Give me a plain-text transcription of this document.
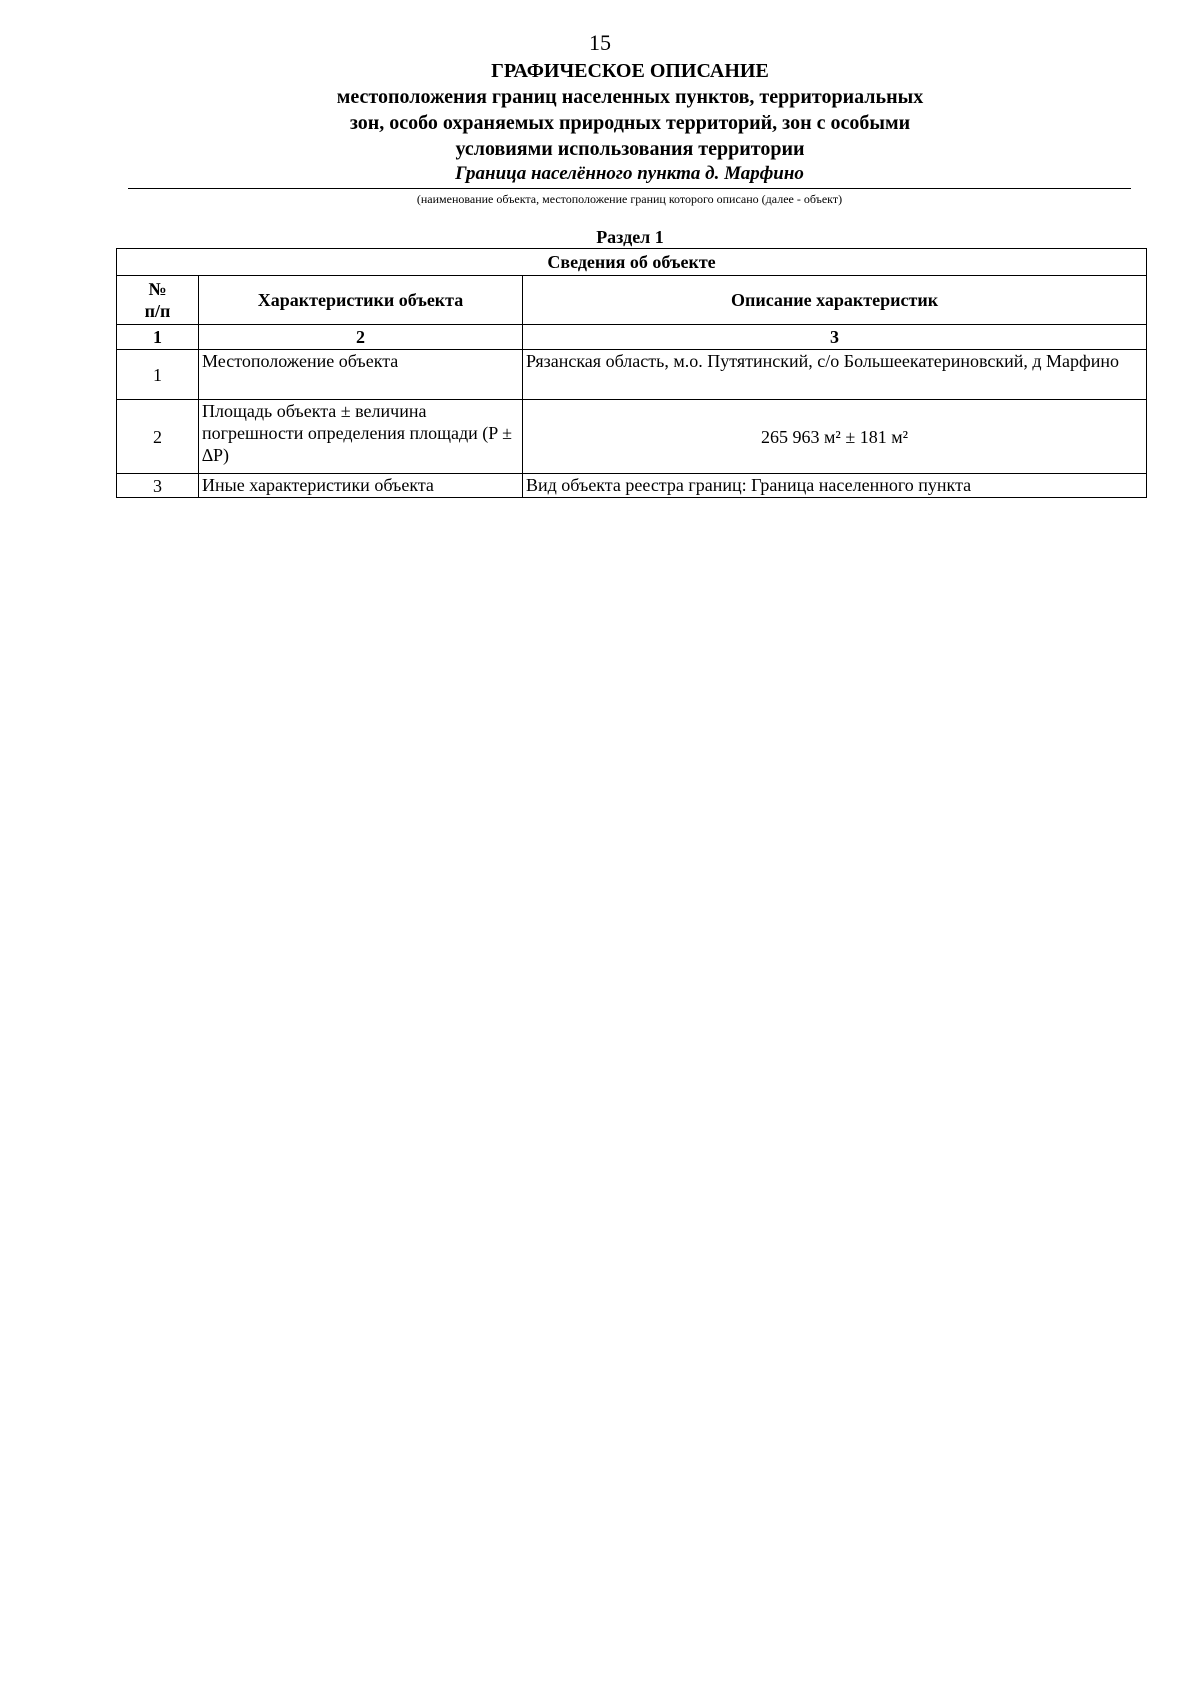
15
ГРАФИЧЕСКОЕ ОПИСАНИЕ
местоположения границ населенных пунктов, территориальных
зон, особо охраняемых природных территорий, зон с особыми
условиями использования территории
Граница населённого пункта д. Марфино
(наименование объекта, местоположение границ которого описано (далее - объект)
Раздел 1
Сведения об объекте		
№
п/п	Характеристики объекта	Описание характеристик
1	2	3
1	Местоположение объекта	Рязанская область, м.о. Путятинский, с/о Большеекатериновский, д Марфино
2	Площадь объекта ± величина погрешности определения площади (P ± ∆P)	265 963 м² ± 181 м²
3	Иные характеристики объекта	Вид объекта реестра границ: Граница населенного пункта
